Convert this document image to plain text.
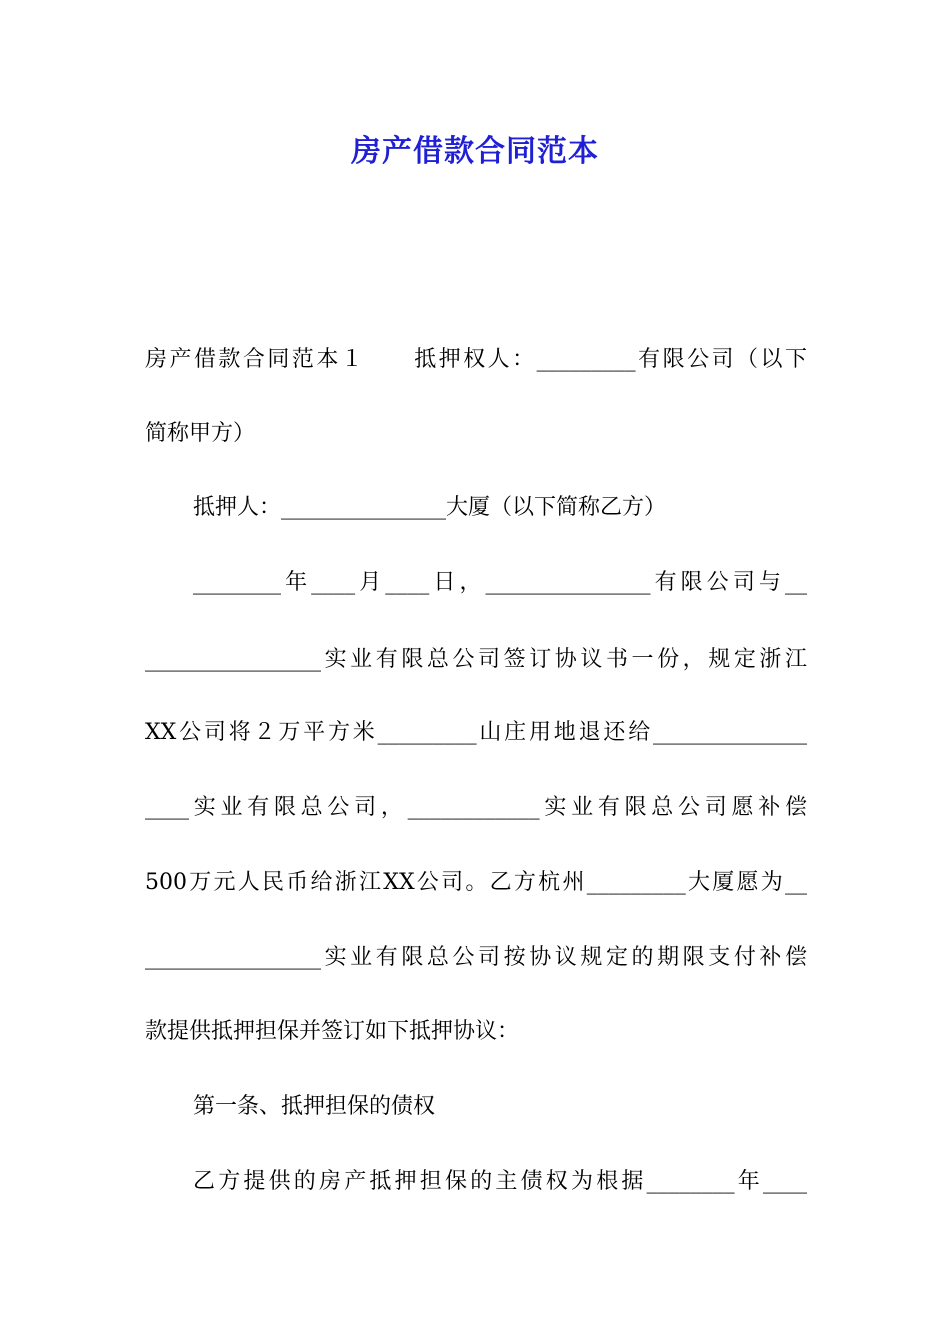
房产借款合同范本
房产借款合同范本１　　抵押权人：_________有限公司（以下
简称甲方）
抵押人：_______________大厦（以下简称乙方）
________年____月____日，_______________有限公司与__
________________实业有限总公司签订协议书一份，规定浙江
XX公司将２万平方米_________山庄用地退还给______________
____实业有限总公司，____________实业有限总公司愿补偿
500万元人民币给浙江XX公司。乙方杭州_________大厦愿为__
________________实业有限总公司按协议规定的期限支付补偿
款提供抵押担保并签订如下抵押协议：
第一条、抵押担保的债权
乙方提供的房产抵押担保的主债权为根据________年____
